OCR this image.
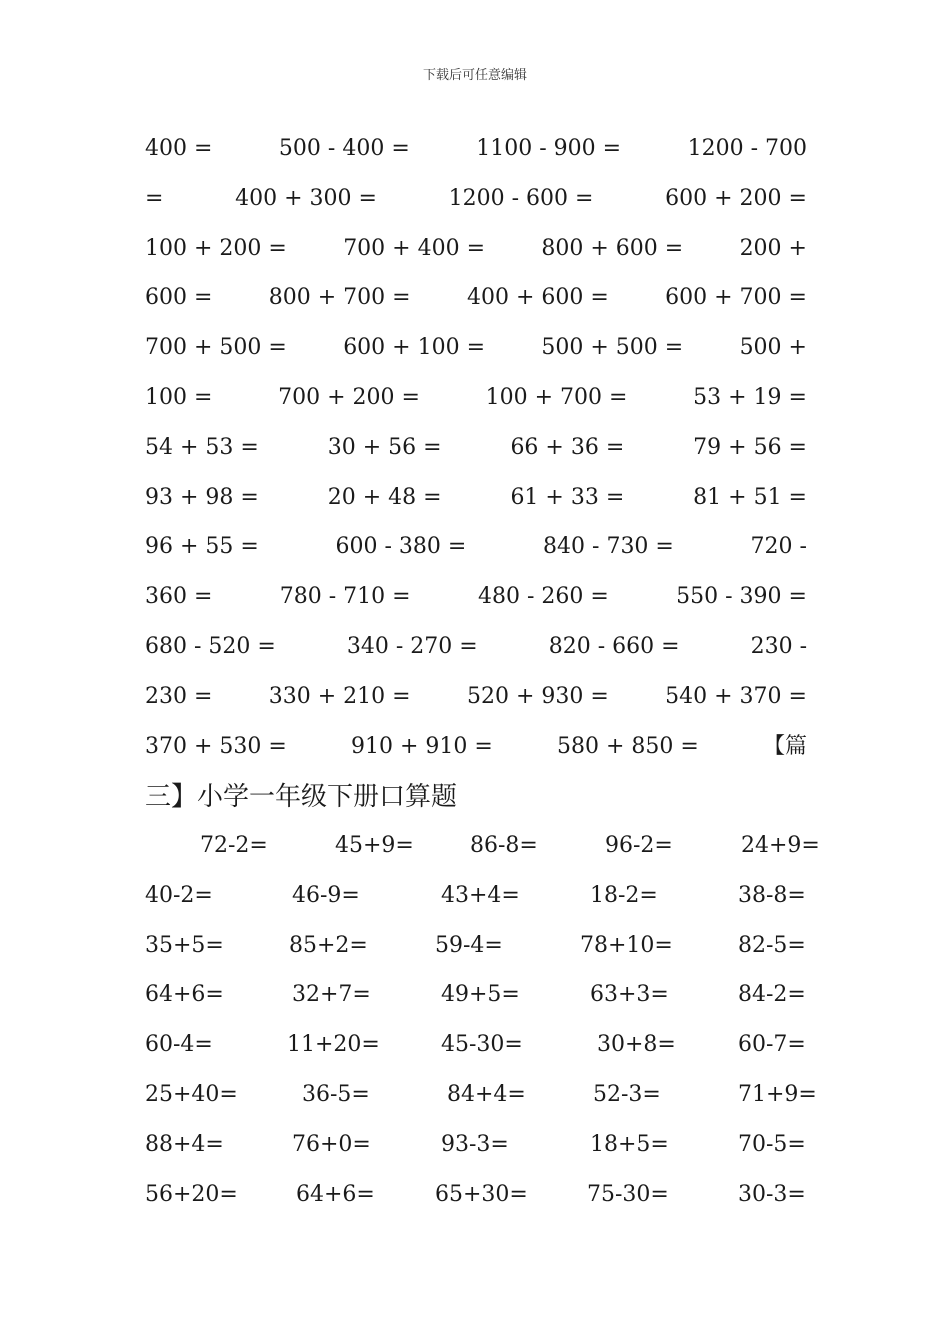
下载后可任意编辑
400 =	500 - 400 =	1100 - 900 =	1200 - 700
=	400 + 300 =	1200 - 600 =	600 + 200 =
100 + 200 =	700 + 400 =	800 + 600 =	200 +
600 =	800 + 700 =	400 + 600 =	600 + 700 =
700 + 500 =	600 + 100 =	500 + 500 =	500 +
100 =	700 + 200 =	100 + 700 =	53 + 19 =
54 + 53 =	30 + 56 =	66 + 36 =	79 + 56 =
93 + 98 =	20 + 48 =	61 + 33 =	81 + 51 =
96 + 55 =	600 - 380 =	840 - 730 =	720 -
360 =	780 - 710 =	480 - 260 =	550 - 390 =
680 - 520 =	340 - 270 =	820 - 660 =	230 -
230 =	330 + 210 =	520 + 930 =	540 + 370 =
370 + 530 =	910 + 910 =	580 + 850 =	【篇
三】小学一年级下册口算题
72-2=	45+9=	86-8=	96-2=	24+9=
40-2=	46-9=	43+4=	18-2=	38-8=
35+5=	85+2=	59-4=	78+10=	82-5=
64+6=	32+7=	49+5=	63+3=	84-2=
60-4=	11+20=	45-30=	30+8=	60-7=
25+40=	36-5=	84+4=	52-3=	71+9=
88+4=	76+0=	93-3=	18+5=	70-5=
56+20=	64+6=	65+30=	75-30=	30-3=
